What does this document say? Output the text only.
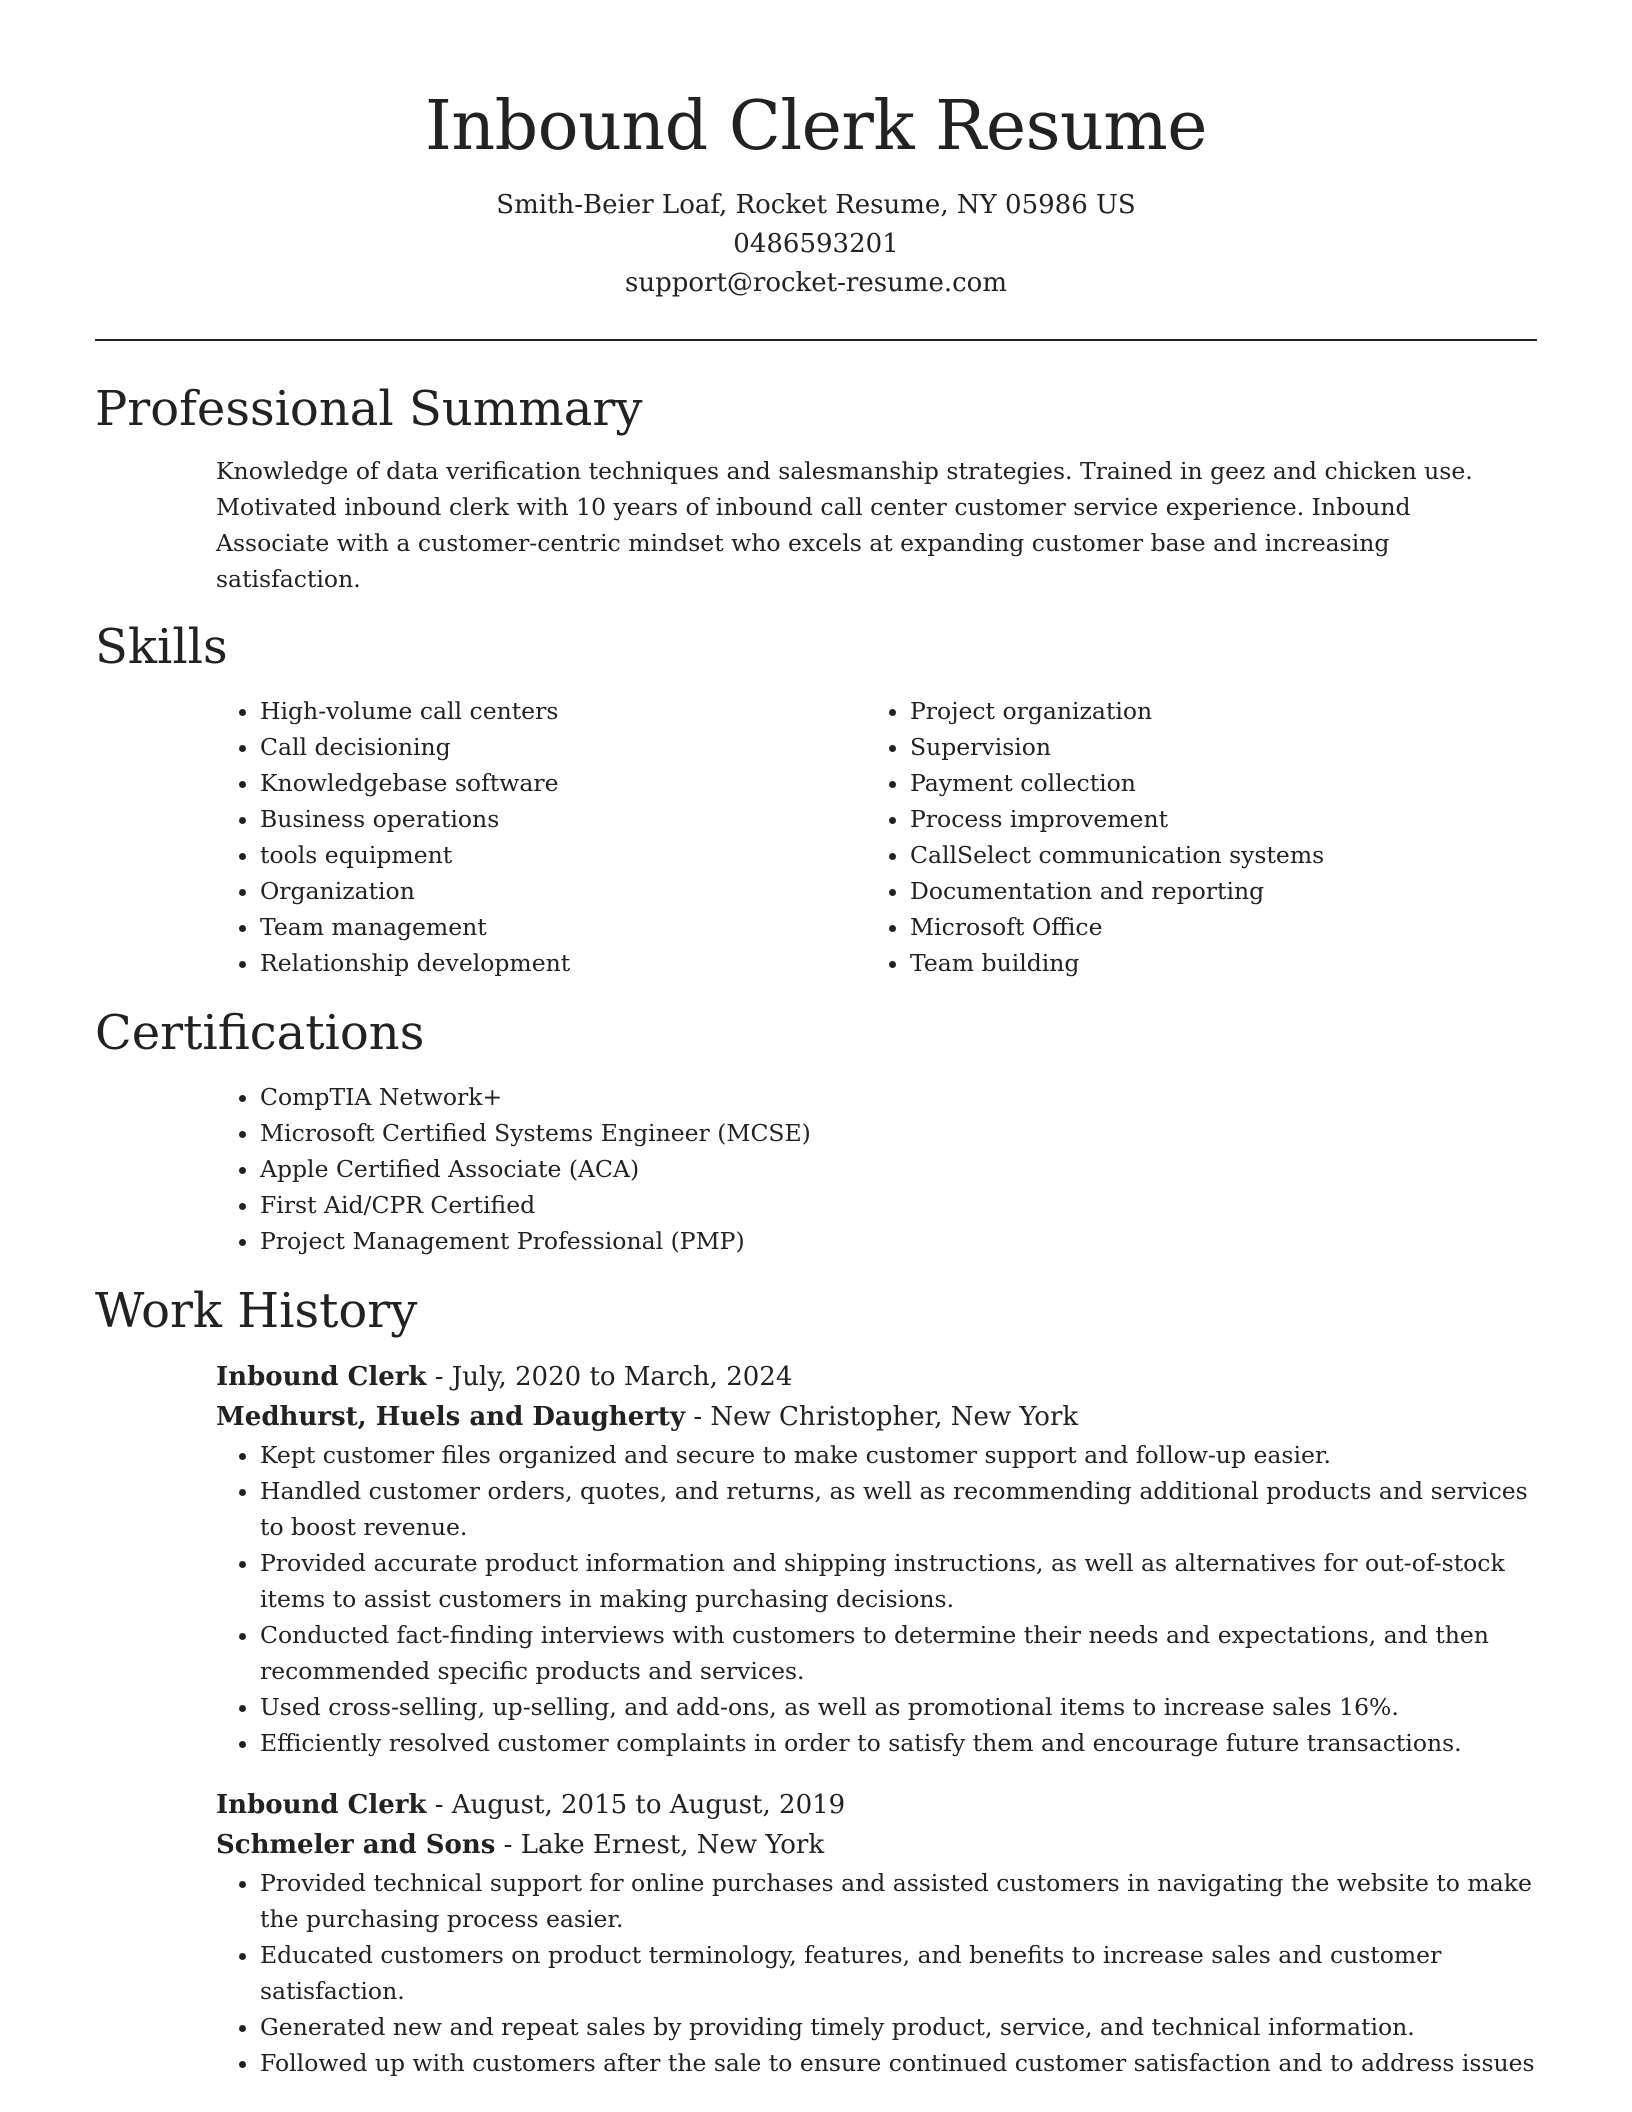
Inbound Clerk Resume

Smith-Beier Loaf, Rocket Resume, NY 05986 US

0486593201

support@rocket-resume.com

Professional Summary

Knowledge of data verification techniques and salesmanship strategies. Trained in geez and chicken use. Motivated inbound clerk with 10 years of inbound call center customer service experience. Inbound Associate with a customer-centric mindset who excels at expanding customer base and increasing satisfaction.

Skills
• High-volume call centers
• Call decisioning
• Knowledgebase software
• Business operations
• tools equipment
• Organization
• Team management
• Relationship development
• Project organization
• Supervision
• Payment collection
• Process improvement
• CallSelect communication systems
• Documentation and reporting
• Microsoft Office
• Team building
Certifications
• CompTIA Network+
• Microsoft Certified Systems Engineer (MCSE)
• Apple Certified Associate (ACA)
• First Aid/CPR Certified
• Project Management Professional (PMP)
Work History

Inbound Clerk - July, 2020 to March, 2024

Medhurst, Huels and Daugherty - New Christopher, New York

• Kept customer files organized and secure to make customer support and follow-up easier.
• Handled customer orders, quotes, and returns, as well as recommending additional products and services to boost revenue.
• Provided accurate product information and shipping instructions, as well as alternatives for out-of-stock items to assist customers in making purchasing decisions.
• Conducted fact-finding interviews with customers to determine their needs and expectations, and then recommended specific products and services.
• Used cross-selling, up-selling, and add-ons, as well as promotional items to increase sales 16%.
• Efficiently resolved customer complaints in order to satisfy them and encourage future transactions.

Inbound Clerk - August, 2015 to August, 2019

Schmeler and Sons - Lake Ernest, New York

• Provided technical support for online purchases and assisted customers in navigating the website to make the purchasing process easier.
• Educated customers on product terminology, features, and benefits to increase sales and customer satisfaction.
• Generated new and repeat sales by providing timely product, service, and technical information.
• Followed up with customers after the sale to ensure continued customer satisfaction and to address issues
